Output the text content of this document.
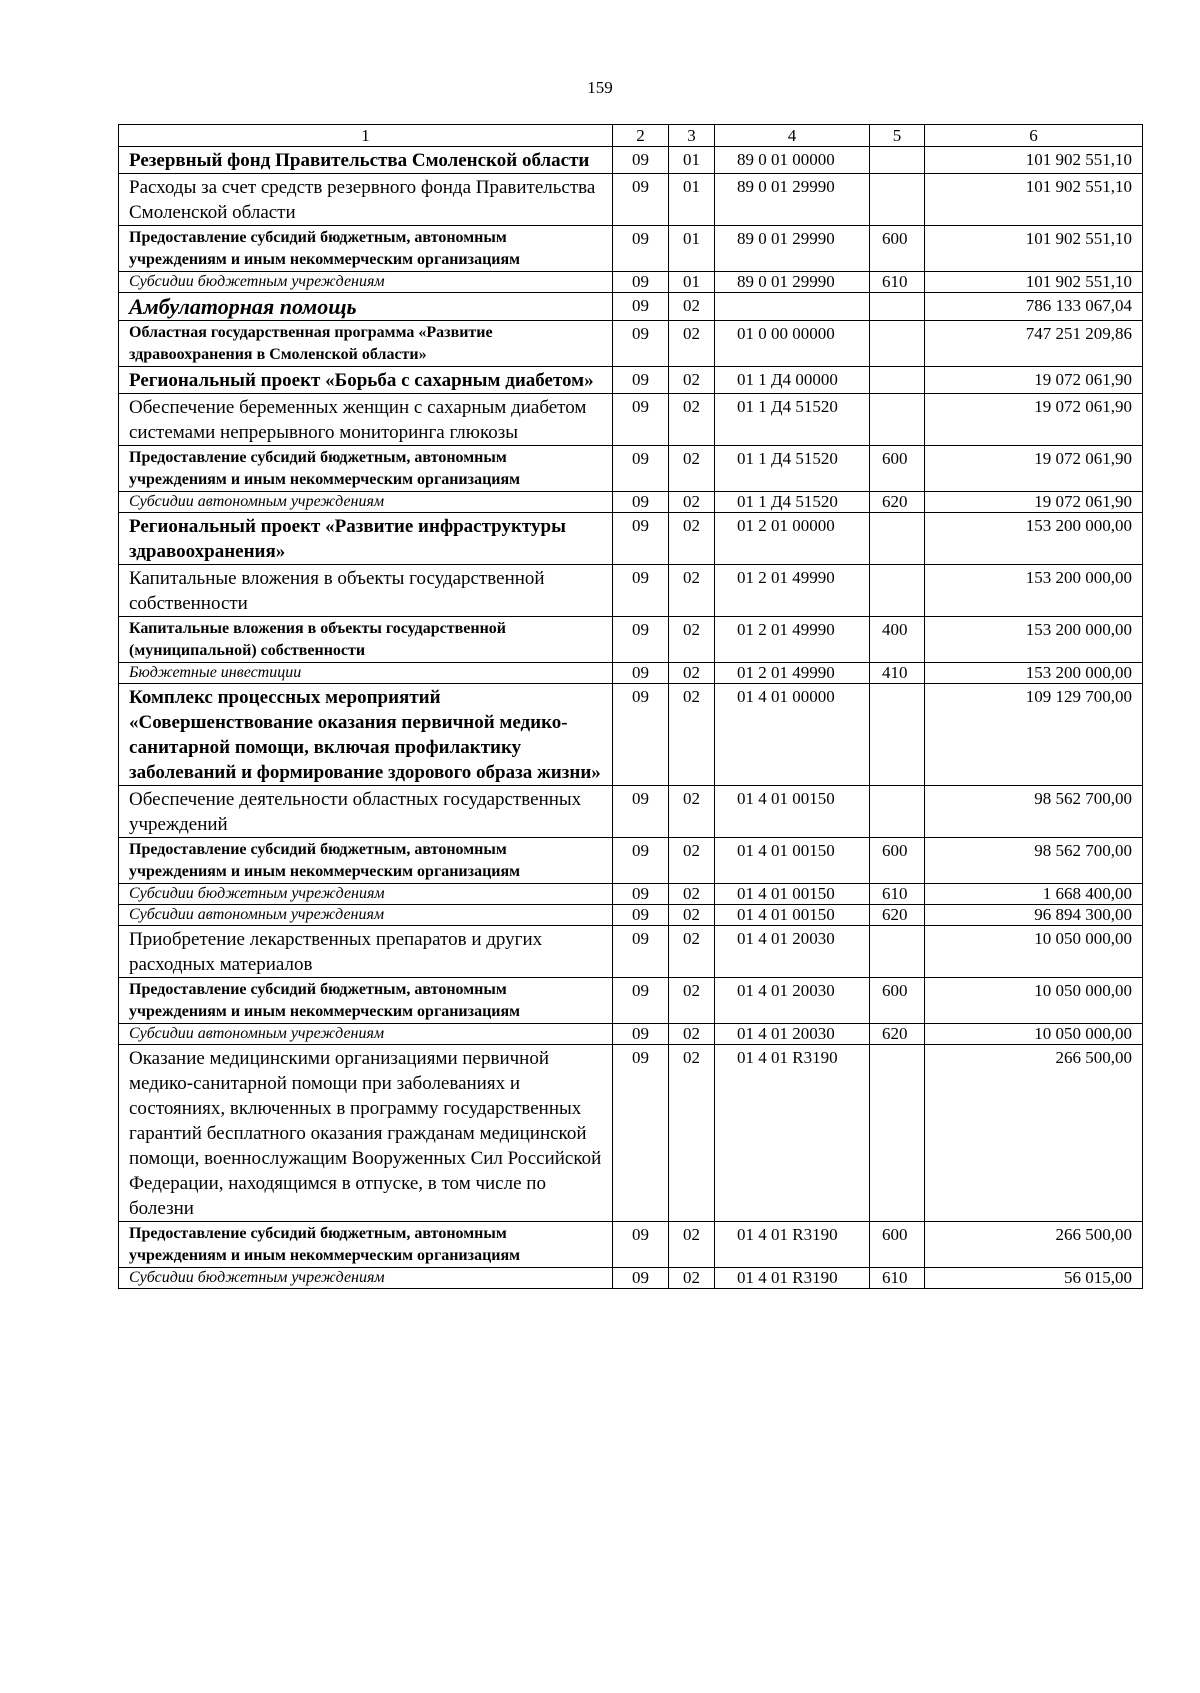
159
1	2	3	4	5	6
Резервный фонд Правительства Смоленской области	09	01	89 0 01 00000		101 902 551,10
Расходы за счет средств резервного фонда Правительства Смоленской области	09	01	89 0 01 29990		101 902 551,10
Предоставление субсидий бюджетным, автономным учреждениям и иным некоммерческим организациям	09	01	89 0 01 29990	600	101 902 551,10
Субсидии бюджетным учреждениям	09	01	89 0 01 29990	610	101 902 551,10
Амбулаторная помощь	09	02			786 133 067,04
Областная государственная программа «Развитие здравоохранения в Смоленской области»	09	02	01 0 00 00000		747 251 209,86
Региональный проект «Борьба с сахарным диабетом»	09	02	01 1 Д4 00000		19 072 061,90
Обеспечение беременных женщин с сахарным диабетом системами непрерывного мониторинга глюкозы	09	02	01 1 Д4 51520		19 072 061,90
Предоставление субсидий бюджетным, автономным учреждениям и иным некоммерческим организациям	09	02	01 1 Д4 51520	600	19 072 061,90
Субсидии автономным учреждениям	09	02	01 1 Д4 51520	620	19 072 061,90
Региональный проект «Развитие инфраструктуры здравоохранения»	09	02	01 2 01 00000		153 200 000,00
Капитальные вложения в объекты государственной собственности	09	02	01 2 01 49990		153 200 000,00
Капитальные вложения в объекты государственной (муниципальной) собственности	09	02	01 2 01 49990	400	153 200 000,00
Бюджетные инвестиции	09	02	01 2 01 49990	410	153 200 000,00
Комплекс процессных мероприятий «Совершенствование оказания первичной медико-санитарной помощи, включая профилактику заболеваний и формирование здорового образа жизни»	09	02	01 4 01 00000		109 129 700,00
Обеспечение деятельности областных государственных учреждений	09	02	01 4 01 00150		98 562 700,00
Предоставление субсидий бюджетным, автономным учреждениям и иным некоммерческим организациям	09	02	01 4 01 00150	600	98 562 700,00
Субсидии бюджетным учреждениям	09	02	01 4 01 00150	610	1 668 400,00
Субсидии автономным учреждениям	09	02	01 4 01 00150	620	96 894 300,00
Приобретение лекарственных препаратов и других расходных материалов	09	02	01 4 01 20030		10 050 000,00
Предоставление субсидий бюджетным, автономным учреждениям и иным некоммерческим организациям	09	02	01 4 01 20030	600	10 050 000,00
Субсидии автономным учреждениям	09	02	01 4 01 20030	620	10 050 000,00
Оказание медицинскими организациями первичной медико-санитарной помощи при заболеваниях и состояниях, включенных в программу государственных гарантий бесплатного оказания гражданам медицинской помощи, военнослужащим Вооруженных Сил Российской Федерации, находящимся в отпуске, в том числе по болезни	09	02	01 4 01 R3190		266 500,00
Предоставление субсидий бюджетным, автономным учреждениям и иным некоммерческим организациям	09	02	01 4 01 R3190	600	266 500,00
Субсидии бюджетным учреждениям	09	02	01 4 01 R3190	610	56 015,00
